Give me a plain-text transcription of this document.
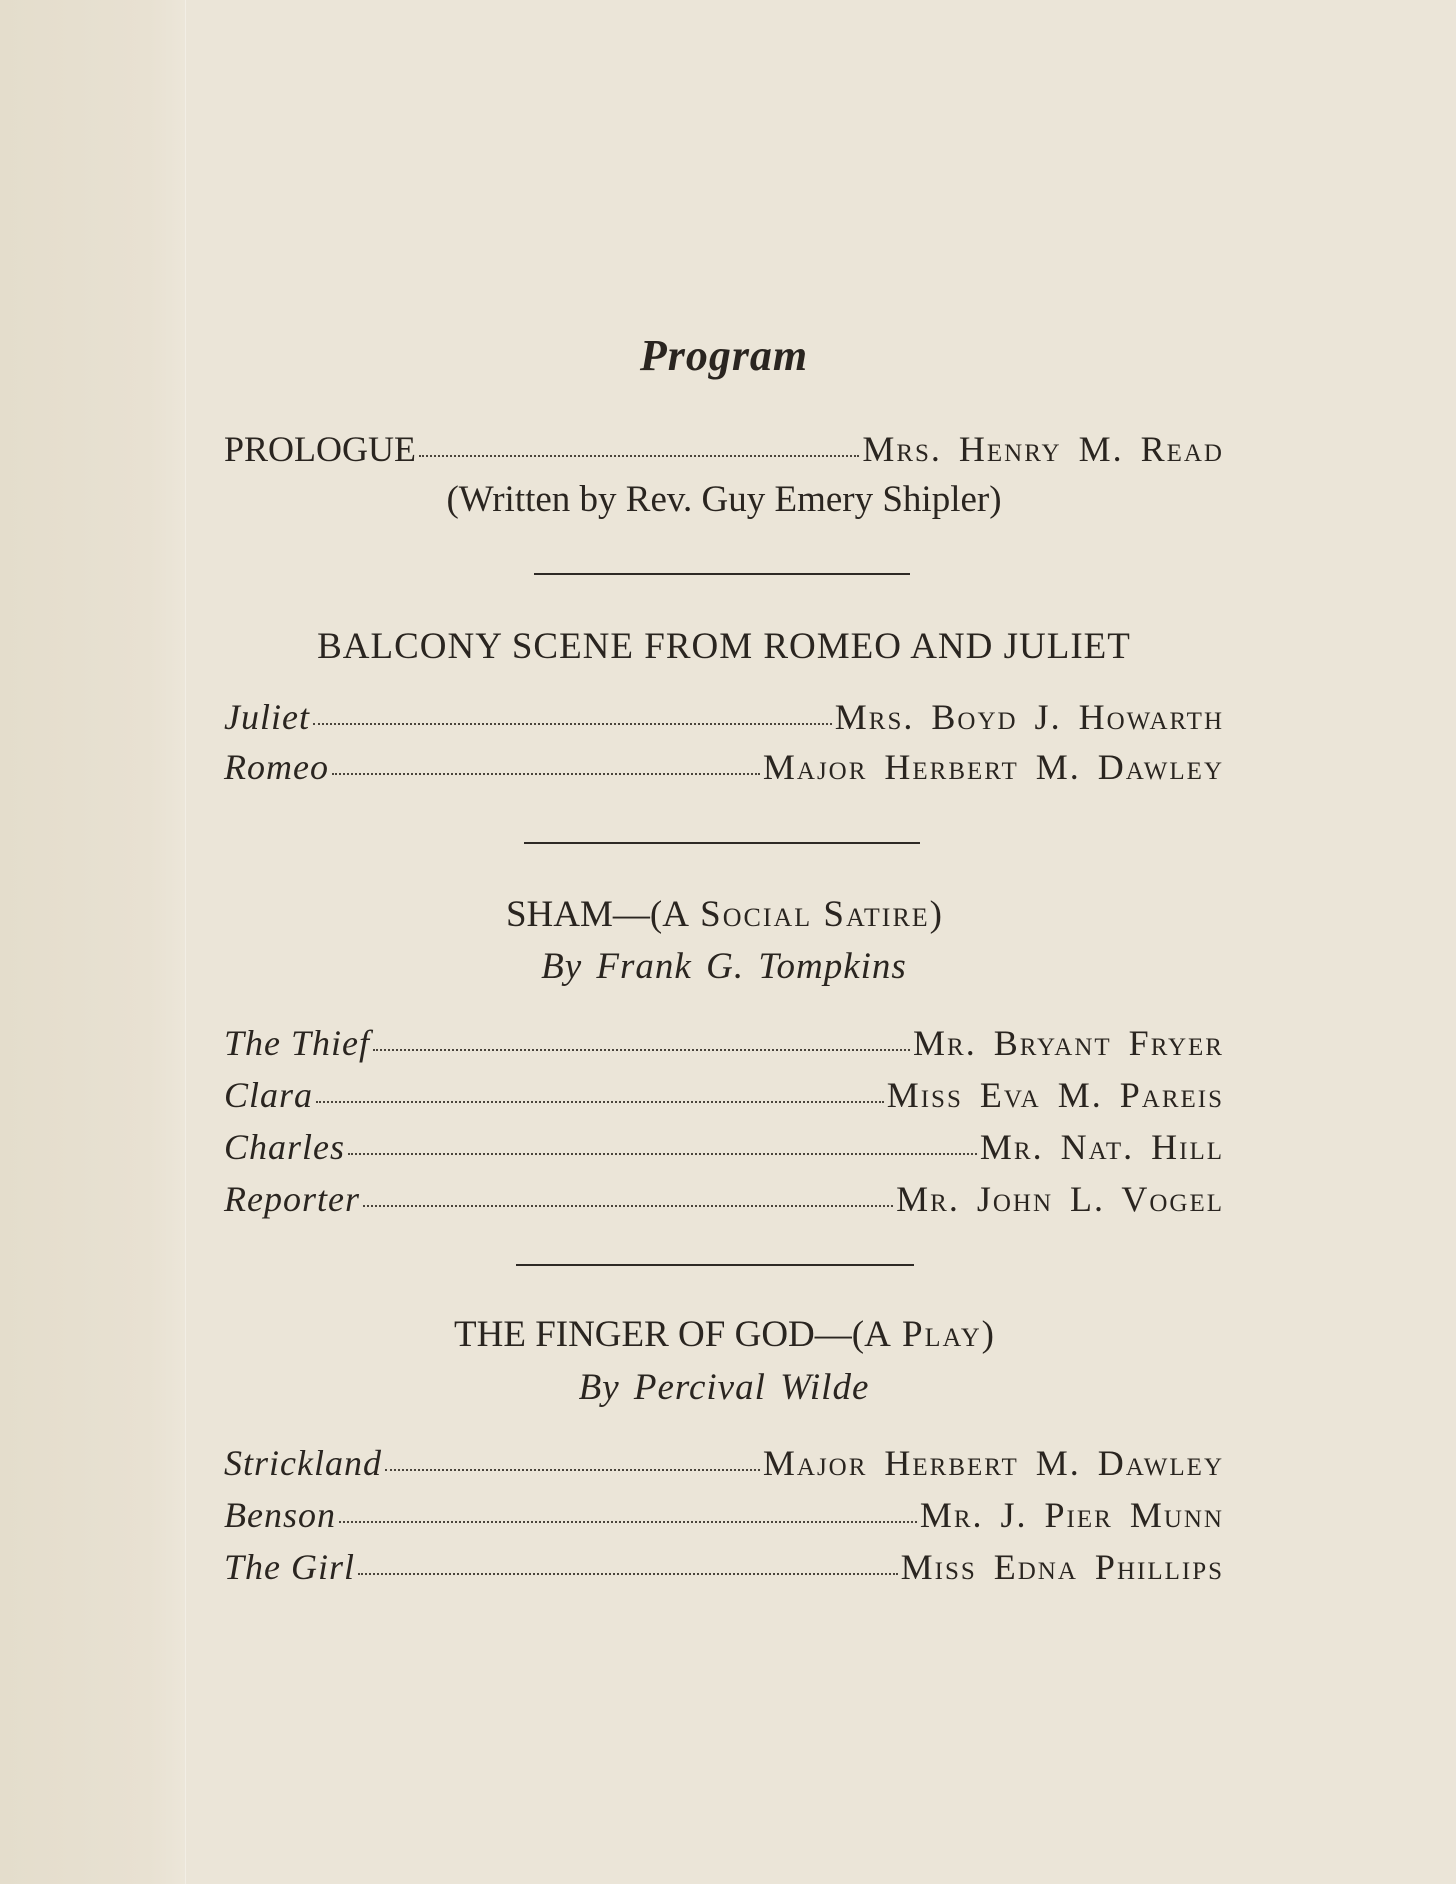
Program
PROLOGUE	Mrs. Henry M. Read
(Written by Rev. Guy Emery Shipler)
BALCONY SCENE FROM ROMEO AND JULIET
Juliet	Mrs. Boyd J. Howarth
Romeo	Major Herbert M. Dawley
SHAM—(A Social Satire)
By Frank G. Tompkins
The Thief	Mr. Bryant Fryer
Clara	Miss Eva M. Pareis
Charles	Mr. Nat. Hill
Reporter	Mr. John L. Vogel
THE FINGER OF GOD—(A Play)
By Percival Wilde
Strickland	Major Herbert M. Dawley
Benson	Mr. J. Pier Munn
The Girl	Miss Edna Phillips
